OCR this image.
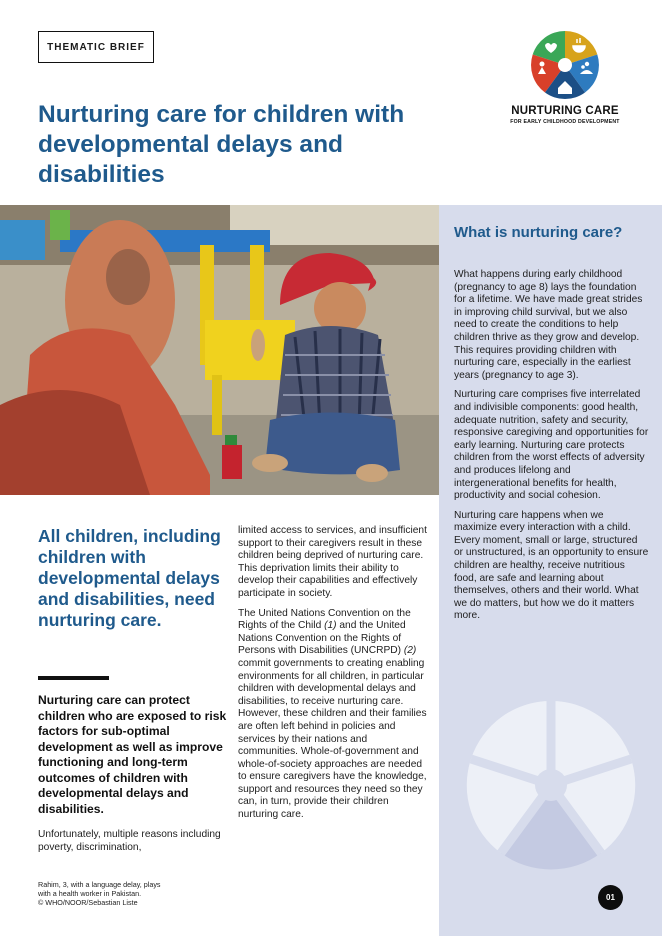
THEMATIC BRIEF
Nurturing care for children with developmental delays and disabilities
NURTURING CARE
FOR EARLY CHILDHOOD DEVELOPMENT
What is nurturing care?

What happens during early childhood (pregnancy to age 8) lays the foundation for a lifetime. We have made great strides in improving child survival, but we also need to create the conditions to help children thrive as they grow and develop. This requires providing children with nurturing care, especially in the earliest years (pregnancy to age 3).

Nurturing care comprises five interrelated and indivisible components: good health, adequate nutrition, safety and security, responsive caregiving and opportunities for early learning. Nurturing care protects children from the worst effects of adversity and produces lifelong and intergenerational benefits for health, productivity and social cohesion.

Nurturing care happens when we maximize every interaction with a child. Every moment, small or large, structured or unstructured, is an opportunity to ensure children are healthy, receive nutritious food, are safe and learning about themselves, others and their world. What we do matters, but how we do it matters more.

All children, including children with developmental delays and disabilities, need nurturing care.

Nurturing care can protect children who are exposed to risk factors for sub-optimal development as well as improve functioning and long-term outcomes of children with developmental delays and disabilities.

Unfortunately, multiple reasons including poverty, discrimination,

limited access to services, and insufficient support to their caregivers result in these children being deprived of nurturing care. This deprivation limits their ability to develop their capabilities and effectively participate in society.

The United Nations Convention on the Rights of the Child (1) and the United Nations Convention on the Rights of Persons with Disabilities (UNCRPD) (2) commit governments to creating enabling environments for all children, in particular children with developmental delays and disabilities, to receive nurturing care. However, these children and their families are often left behind in policies and services by their nations and communities. Whole-of-government and whole-of-society approaches are needed to ensure caregivers have the knowledge, support and resources they need so they can, in turn, provide their children nurturing care.

Rahim, 3, with a language delay, plays
with a health worker in Pakistan.
© WHO/NOOR/Sebastian Liste
01
